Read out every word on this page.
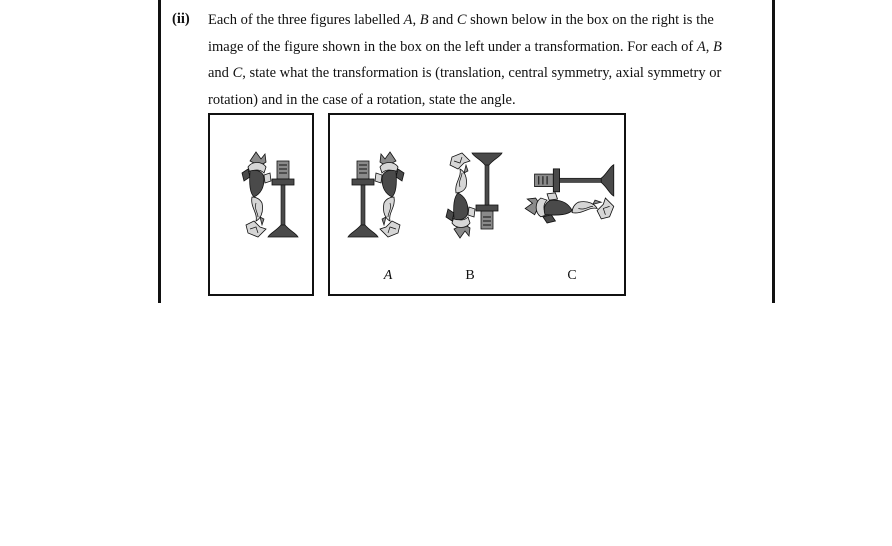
(ii) Each of the three figures labelled A, B and C shown below in the box on the right is the
image of the figure shown in the box on the left under a transformation. For each of A, B
and C, state what the transformation is (translation, central symmetry, axial symmetry or
rotation) and in the case of a rotation, state the angle.
A	B	C
